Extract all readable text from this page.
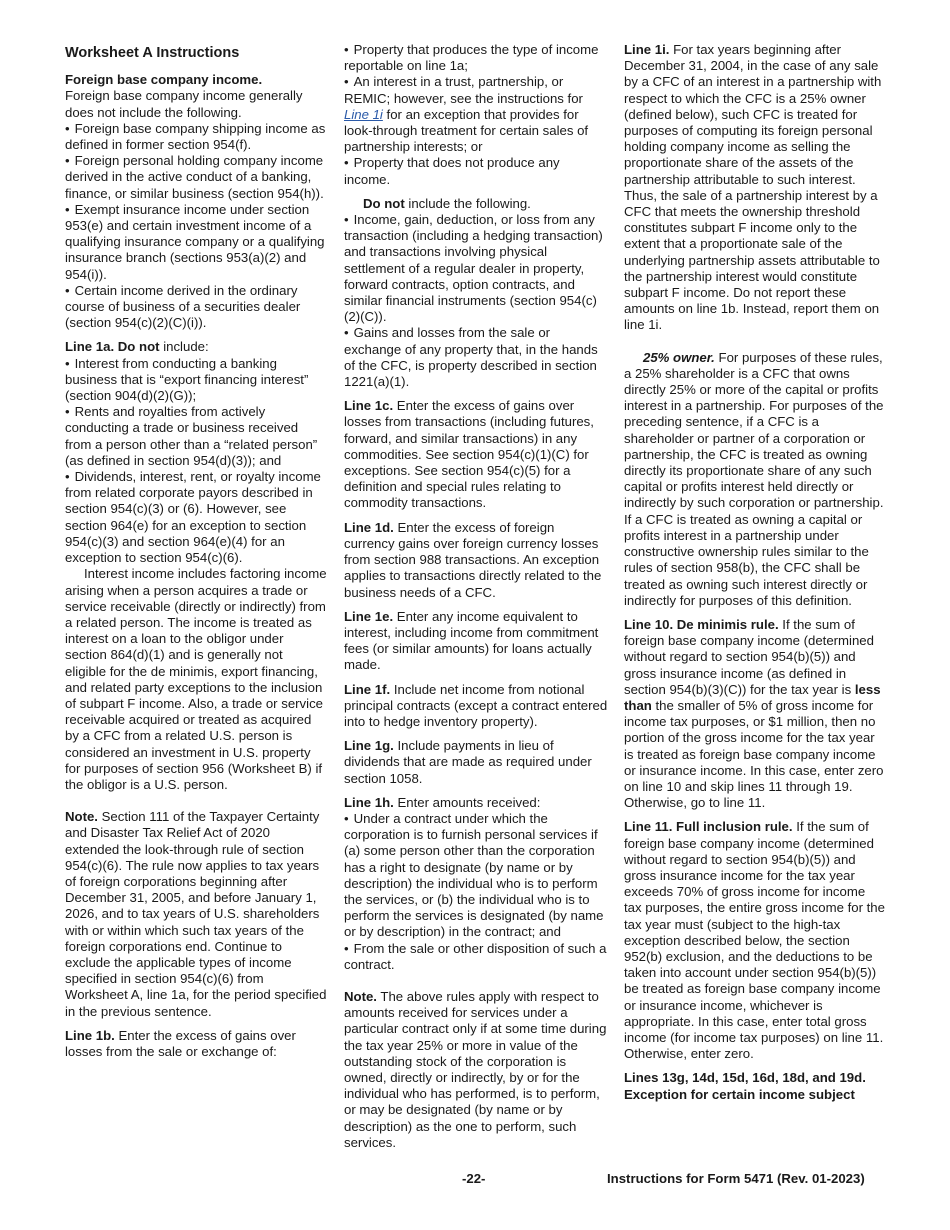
Worksheet A Instructions

Foreign base company income.
Foreign base company income generally does not include the following.

• Foreign base company shipping income as defined in former section 954(f).

• Foreign personal holding company income derived in the active conduct of a banking, finance, or similar business (section 954(h)).

• Exempt insurance income under section 953(e) and certain investment income of a qualifying insurance company or a qualifying insurance branch (sections 953(a)(2) and 954(i)).

• Certain income derived in the ordinary course of business of a securities dealer (section 954(c)(2)(C)(i)).

Line 1a. Do not include:

• Interest from conducting a banking business that is “export financing interest” (section 904(d)(2)(G));

• Rents and royalties from actively conducting a trade or business received from a person other than a “related person” (as defined in section 954(d)(3)); and

• Dividends, interest, rent, or royalty income from related corporate payors described in section 954(c)(3) or (6). However, see section 964(e) for an exception to section 954(c)(3) and section 964(e)(4) for an exception to section 954(c)(6).

Interest income includes factoring income arising when a person acquires a trade or service receivable (directly or indirectly) from a related person. The income is treated as interest on a loan to the obligor under section 864(d)(1) and is generally not eligible for the de minimis, export financing, and related party exceptions to the inclusion of subpart F income. Also, a trade or service receivable acquired or treated as acquired by a CFC from a related U.S. person is considered an investment in U.S. property for purposes of section 956 (Worksheet B) if the obligor is a U.S. person.

Note. Section 111 of the Taxpayer Certainty and Disaster Tax Relief Act of 2020 extended the look-through rule of section 954(c)(6). The rule now applies to tax years of foreign corporations beginning after December 31, 2005, and before January 1, 2026, and to tax years of U.S. shareholders with or within which such tax years of the foreign corporations end. Continue to exclude the applicable types of income specified in section 954(c)(6) from Worksheet A, line 1a, for the period specified in the previous sentence.

Line 1b. Enter the excess of gains over losses from the sale or exchange of:

• Property that produces the type of income reportable on line 1a;

• An interest in a trust, partnership, or REMIC; however, see the instructions for Line 1i for an exception that provides for look-through treatment for certain sales of partnership interests; or

• Property that does not produce any income.

Do not include the following.

• Income, gain, deduction, or loss from any transaction (including a hedging transaction) and transactions involving physical settlement of a regular dealer in property, forward contracts, option contracts, and similar financial instruments (section 954(c)(2)(C)).

• Gains and losses from the sale or exchange of any property that, in the hands of the CFC, is property described in section 1221(a)(1).

Line 1c. Enter the excess of gains over losses from transactions (including futures, forward, and similar transactions) in any commodities. See section 954(c)(1)(C) for exceptions. See section 954(c)(5) for a definition and special rules relating to commodity transactions.

Line 1d. Enter the excess of foreign currency gains over foreign currency losses from section 988 transactions. An exception applies to transactions directly related to the business needs of a CFC.

Line 1e. Enter any income equivalent to interest, including income from commitment fees (or similar amounts) for loans actually made.

Line 1f. Include net income from notional principal contracts (except a contract entered into to hedge inventory property).

Line 1g. Include payments in lieu of dividends that are made as required under section 1058.

Line 1h. Enter amounts received:

• Under a contract under which the corporation is to furnish personal services if (a) some person other than the corporation has a right to designate (by name or by description) the individual who is to perform the services, or (b) the individual who is to perform the services is designated (by name or by description) in the contract; and

• From the sale or other disposition of such a contract.

Note. The above rules apply with respect to amounts received for services under a particular contract only if at some time during the tax year 25% or more in value of the outstanding stock of the corporation is owned, directly or indirectly, by or for the individual who has performed, is to perform, or may be designated (by name or by description) as the one to perform, such services.

Line 1i. For tax years beginning after December 31, 2004, in the case of any sale by a CFC of an interest in a partnership with respect to which the CFC is a 25% owner (defined below), such CFC is treated for purposes of computing its foreign personal holding company income as selling the proportionate share of the assets of the partnership attributable to such interest. Thus, the sale of a partnership interest by a CFC that meets the ownership threshold constitutes subpart F income only to the extent that a proportionate sale of the underlying partnership assets attributable to the partnership interest would constitute subpart F income. Do not report these amounts on line 1b. Instead, report them on line 1i.

25% owner. For purposes of these rules, a 25% shareholder is a CFC that owns directly 25% or more of the capital or profits interest in a partnership. For purposes of the preceding sentence, if a CFC is a shareholder or partner of a corporation or partnership, the CFC is treated as owning directly its proportionate share of any such capital or profits interest held directly or indirectly by such corporation or partnership. If a CFC is treated as owning a capital or profits interest in a partnership under constructive ownership rules similar to the rules of section 958(b), the CFC shall be treated as owning such interest directly or indirectly for purposes of this definition.

Line 10. De minimis rule. If the sum of foreign base company income (determined without regard to section 954(b)(5)) and gross insurance income (as defined in section 954(b)(3)(C)) for the tax year is less than the smaller of 5% of gross income for income tax purposes, or $1 million, then no portion of the gross income for the tax year is treated as foreign base company income or insurance income. In this case, enter zero on line 10 and skip lines 11 through 19. Otherwise, go to line 11.

Line 11. Full inclusion rule. If the sum of foreign base company income (determined without regard to section 954(b)(5)) and gross insurance income for the tax year exceeds 70% of gross income for income tax purposes, the entire gross income for the tax year must (subject to the high-tax exception described below, the section 952(b) exclusion, and the deductions to be taken into account under section 954(b)(5)) be treated as foreign base company income or insurance income, whichever is appropriate. In this case, enter total gross income (for income tax purposes) on line 11. Otherwise, enter zero.

Lines 13g, 14d, 15d, 16d, 18d, and 19d. Exception for certain income subject

-22-	Instructions for Form 5471 (Rev. 01-2023)
